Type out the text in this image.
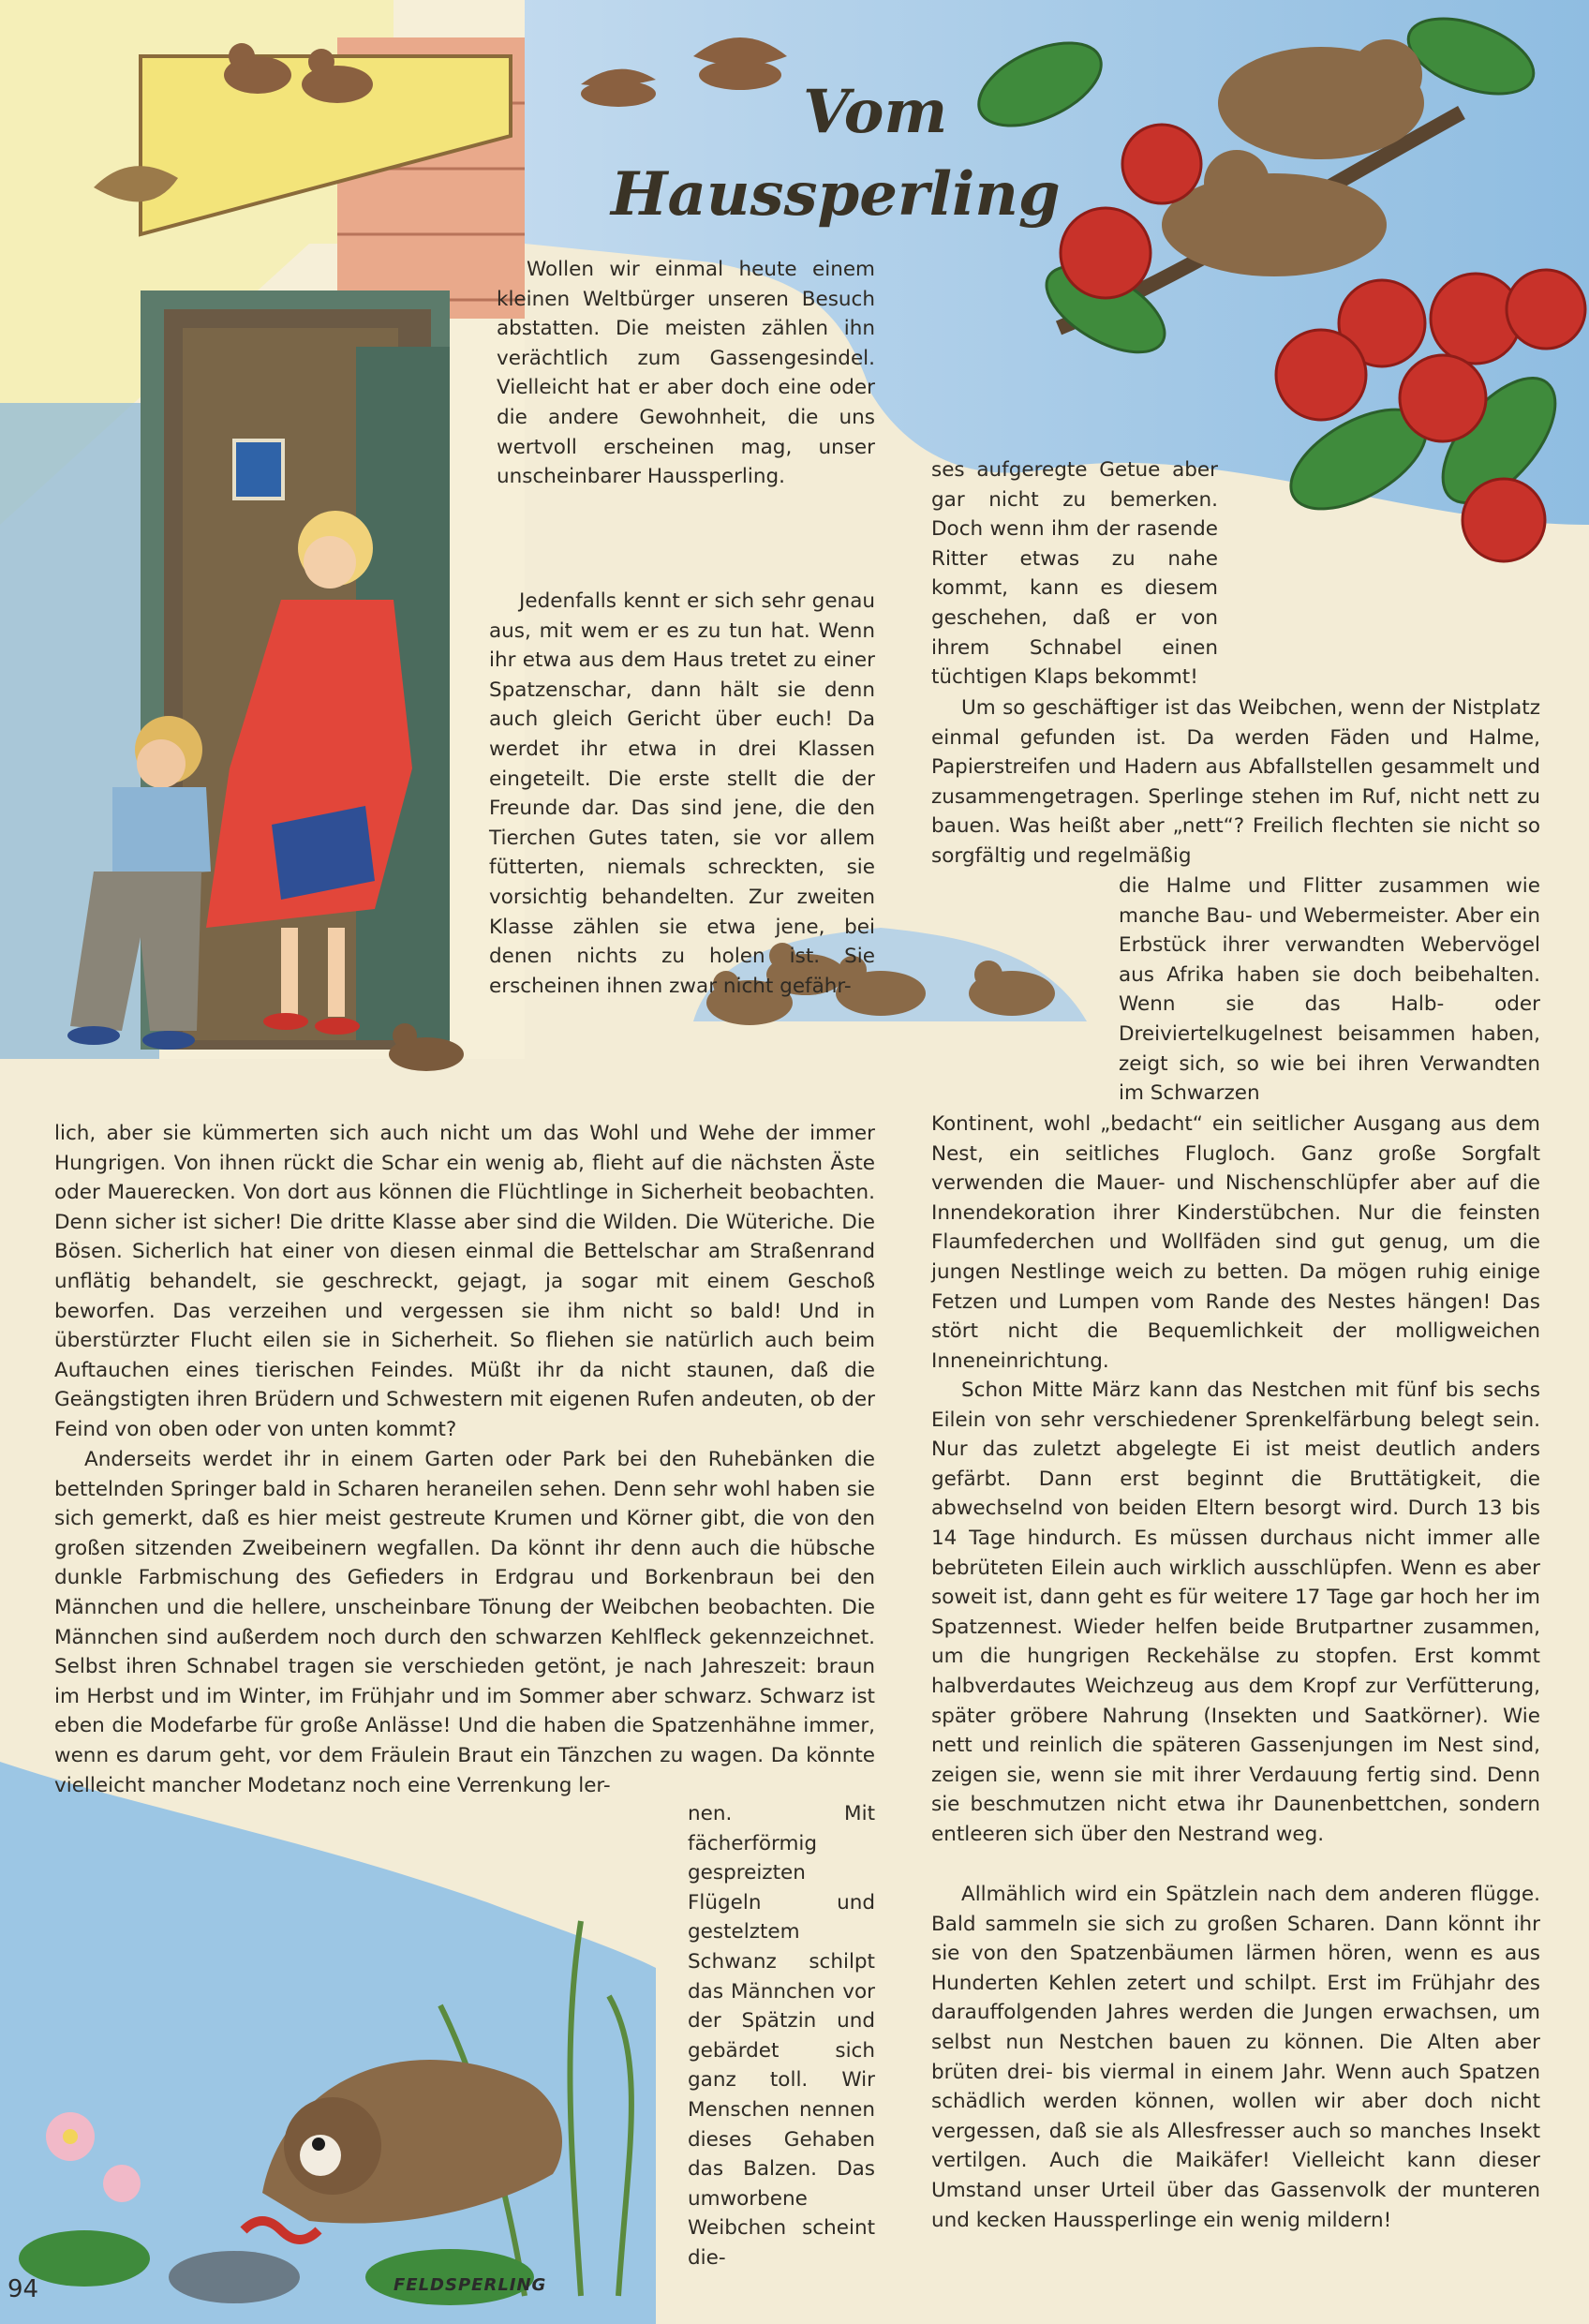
Vom
Haussperling

Wollen wir einmal heute einem kleinen Weltbürger unseren Besuch abstatten. Die meisten zählen ihn verächtlich zum Gassengesindel. Vielleicht hat er aber doch eine oder die andere Gewohnheit, die uns wertvoll erscheinen mag, unser unscheinbarer Haussperling.

Jedenfalls kennt er sich sehr genau aus, mit wem er es zu tun hat. Wenn ihr etwa aus dem Haus tretet zu einer Spatzenschar, dann hält sie denn auch gleich Gericht über euch! Da werdet ihr etwa in drei Klassen eingeteilt. Die erste stellt die der Freunde dar. Das sind jene, die den Tierchen Gutes taten, sie vor allem fütterten, niemals schreckten, sie vorsichtig behandelten. Zur zweiten Klasse zählen sie etwa jene, bei denen nichts zu holen ist. Sie erscheinen ihnen zwar nicht gefähr-

lich, aber sie kümmerten sich auch nicht um das Wohl und Wehe der immer Hungrigen. Von ihnen rückt die Schar ein wenig ab, flieht auf die nächsten Äste oder Mauerecken. Von dort aus können die Flüchtlinge in Sicherheit beobachten. Denn sicher ist sicher! Die dritte Klasse aber sind die Wilden. Die Wüteriche. Die Bösen. Sicherlich hat einer von diesen einmal die Bettelschar am Straßenrand unflätig behandelt, sie geschreckt, gejagt, ja sogar mit einem Geschoß beworfen. Das verzeihen und vergessen sie ihm nicht so bald! Und in überstürzter Flucht eilen sie in Sicherheit. So fliehen sie natürlich auch beim Auftauchen eines tierischen Feindes. Müßt ihr da nicht staunen, daß die Geängstigten ihren Brüdern und Schwestern mit eigenen Rufen andeuten, ob der Feind von oben oder von unten kommt?

Anderseits werdet ihr in einem Garten oder Park bei den Ruhebänken die bettelnden Springer bald in Scharen heraneilen sehen. Denn sehr wohl haben sie sich gemerkt, daß es hier meist gestreute Krumen und Körner gibt, die von den großen sitzenden Zweibeinern wegfallen. Da könnt ihr denn auch die hübsche dunkle Farbmischung des Gefieders in Erdgrau und Borkenbraun bei den Männchen und die hellere, unscheinbare Tönung der Weibchen beobachten. Die Männchen sind außerdem noch durch den schwarzen Kehlfleck gekennzeichnet. Selbst ihren Schnabel tragen sie verschieden getönt, je nach Jahreszeit: braun im Herbst und im Winter, im Frühjahr und im Sommer aber schwarz. Schwarz ist eben die Modefarbe für große Anlässe! Und die haben die Spatzenhähne immer, wenn es darum geht, vor dem Fräulein Braut ein Tänzchen zu wagen. Da könnte vielleicht mancher Modetanz noch eine Verrenkung ler-

nen. Mit fächerförmig gespreizten Flügeln und gestelztem Schwanz schilpt das Männchen vor der Spätzin und gebärdet sich ganz toll. Wir Menschen nennen dieses Gehaben das Balzen. Das umworbene Weibchen scheint die-

ses aufgeregte Getue aber gar nicht zu bemerken. Doch wenn ihm der rasende Ritter etwas zu nahe kommt, kann es diesem geschehen, daß er von ihrem Schnabel einen tüchtigen Klaps bekommt!

Um so geschäftiger ist das Weibchen, wenn der Nistplatz einmal gefunden ist. Da werden Fäden und Halme, Papierstreifen und Hadern aus Abfallstellen gesammelt und zusammengetragen. Sperlinge stehen im Ruf, nicht nett zu bauen. Was heißt aber „nett“? Freilich flechten sie nicht so sorgfältig und regelmäßig

die Halme und Flitter zusammen wie manche Bau- und Webermeister. Aber ein Erbstück ihrer verwandten Webervögel aus Afrika haben sie doch beibehalten. Wenn sie das Halb- oder Dreiviertelkugelnest beisammen haben, zeigt sich, so wie bei ihren Verwandten im Schwarzen

Kontinent, wohl „bedacht“ ein seitlicher Ausgang aus dem Nest, ein seitliches Flugloch. Ganz große Sorgfalt verwenden die Mauer- und Nischenschlüpfer aber auf die Innendekoration ihrer Kinderstübchen. Nur die feinsten Flaumfederchen und Wollfäden sind gut genug, um die jungen Nestlinge weich zu betten. Da mögen ruhig einige Fetzen und Lumpen vom Rande des Nestes hängen! Das stört nicht die Bequemlichkeit der molligweichen Inneneinrichtung.

Schon Mitte März kann das Nestchen mit fünf bis sechs Eilein von sehr verschiedener Sprenkelfärbung belegt sein. Nur das zuletzt abgelegte Ei ist meist deutlich anders gefärbt. Dann erst beginnt die Bruttätigkeit, die abwechselnd von beiden Eltern besorgt wird. Durch 13 bis 14 Tage hindurch. Es müssen durchaus nicht immer alle bebrüteten Eilein auch wirklich ausschlüpfen. Wenn es aber soweit ist, dann geht es für weitere 17 Tage gar hoch her im Spatzennest. Wieder helfen beide Brutpartner zusammen, um die hungrigen Reckehälse zu stopfen. Erst kommt halbverdautes Weichzeug aus dem Kropf zur Verfütterung, später gröbere Nahrung (Insekten und Saatkörner). Wie nett und reinlich die späteren Gassenjungen im Nest sind, zeigen sie, wenn sie mit ihrer Verdauung fertig sind. Denn sie beschmutzen nicht etwa ihr Daunenbettchen, sondern entleeren sich über den Nestrand weg.

Allmählich wird ein Spätzlein nach dem anderen flügge. Bald sammeln sie sich zu großen Scharen. Dann könnt ihr sie von den Spatzenbäumen lärmen hören, wenn es aus Hunderten Kehlen zetert und schilpt. Erst im Frühjahr des darauffolgenden Jahres werden die Jungen erwachsen, um selbst nun Nestchen bauen zu können. Die Alten aber brüten drei- bis viermal in einem Jahr. Wenn auch Spatzen schädlich werden können, wollen wir aber doch nicht vergessen, daß sie als Allesfresser auch so manches Insekt vertilgen. Auch die Maikäfer! Vielleicht kann dieser Umstand unser Urteil über das Gassenvolk der munteren und kecken Haussperlinge ein wenig mildern!

FELDSPERLING

94
